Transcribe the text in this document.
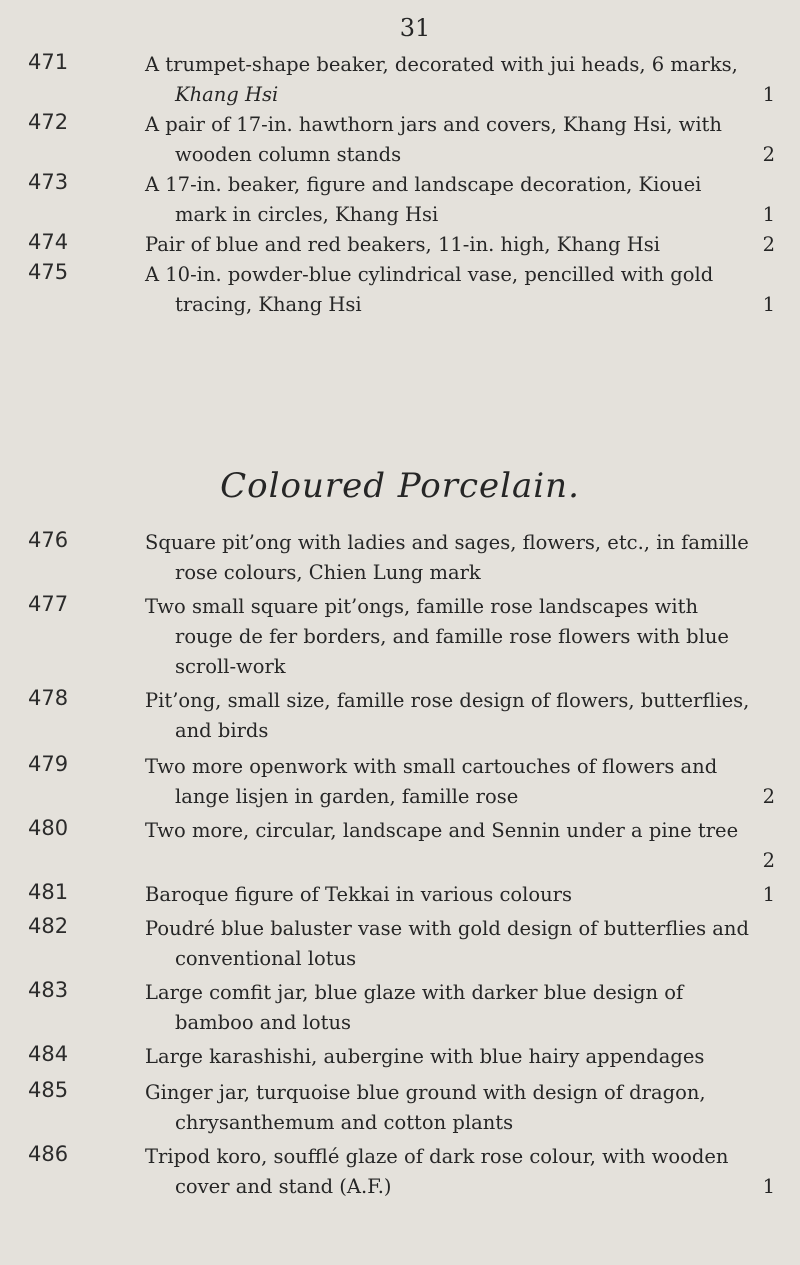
31
471	A trumpet-shape beaker, decorated with jui heads, 6 marks,
Khang Hsi	1
472	A pair of 17-in. hawthorn jars and covers, Khang Hsi, with
wooden column stands	2
473	A 17-in. beaker, figure and landscape decoration, Kiouei
mark in circles, Khang Hsi	1
474	Pair of blue and red beakers, 11-in. high, Khang Hsi	2
475	A 10-in. powder-blue cylindrical vase, pencilled with gold
tracing, Khang Hsi	1
Coloured Porcelain.
476	Square pit’ong with ladies and sages, flowers, etc., in famille
rose colours, Chien Lung mark
477	Two small square pit’ongs, famille rose landscapes with
rouge de fer borders, and famille rose flowers with blue
scroll-work
478	Pit’ong, small size, famille rose design of flowers, butterflies,
and birds
479	Two more openwork with small cartouches of flowers and
lange lisjen in garden, famille rose	2
480	Two more, circular, landscape and Sennin under a pine tree
2
481	Baroque figure of Tekkai in various colours	1
482	Poudré blue baluster vase with gold design of butterflies and
conventional lotus
483	Large comfit jar, blue glaze with darker blue design of
bamboo and lotus
484	Large karashishi, aubergine with blue hairy appendages
485	Ginger jar, turquoise blue ground with design of dragon,
chrysanthemum and cotton plants
486	Tripod koro, soufflé glaze of dark rose colour, with wooden
cover and stand (A.F.)	1
